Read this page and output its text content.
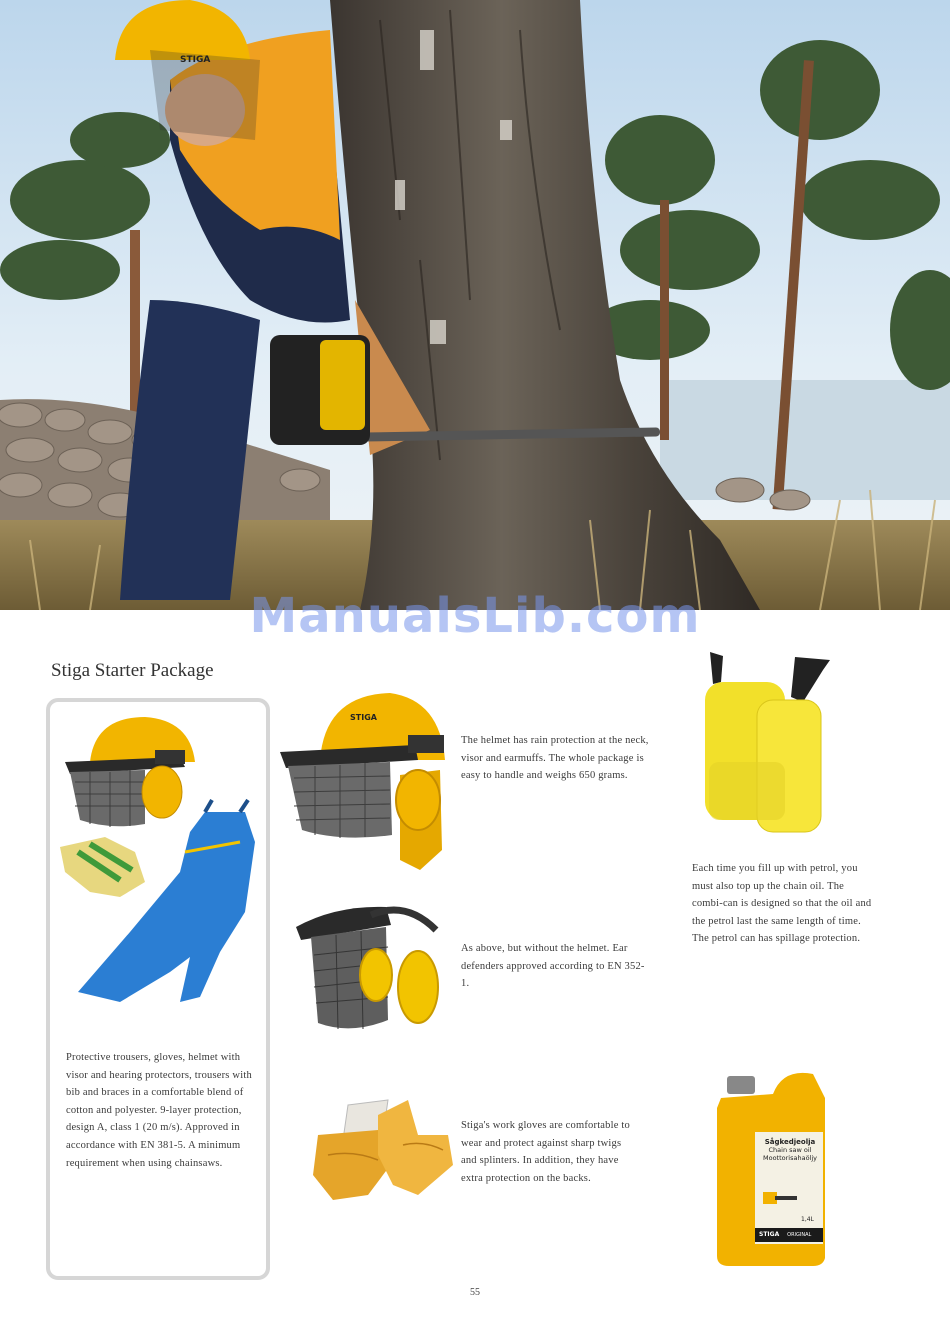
STIGA
ManualsLib.com
Stiga Starter Package
Protective trousers, gloves, helmet with visor and hearing protectors, trousers with bib and braces in a comfortable blend of cotton and polyester. 9-layer protection, design A, class 1 (20 m/s). Approved in accordance with EN 381-5. A minimum requirement when using chainsaws.
STIGA
The helmet has rain protection at the neck, visor and earmuffs. The whole package is easy to handle and weighs 650 grams.
As above, but without the helmet. Ear defenders approved according to EN 352-1.
Stiga's work gloves are comfortable to wear and protect against sharp twigs and splinters. In addition, they have extra protection on the backs.
Each time you fill up with petrol, you must also top up the chain oil. The combi-can is designed so that the oil and the petrol last the same length of time. The petrol can has spillage protection.
Sågkedjeolja
Chain saw oil
Moottorisahaöljy
1,4L
STIGA ORIGINAL
55
